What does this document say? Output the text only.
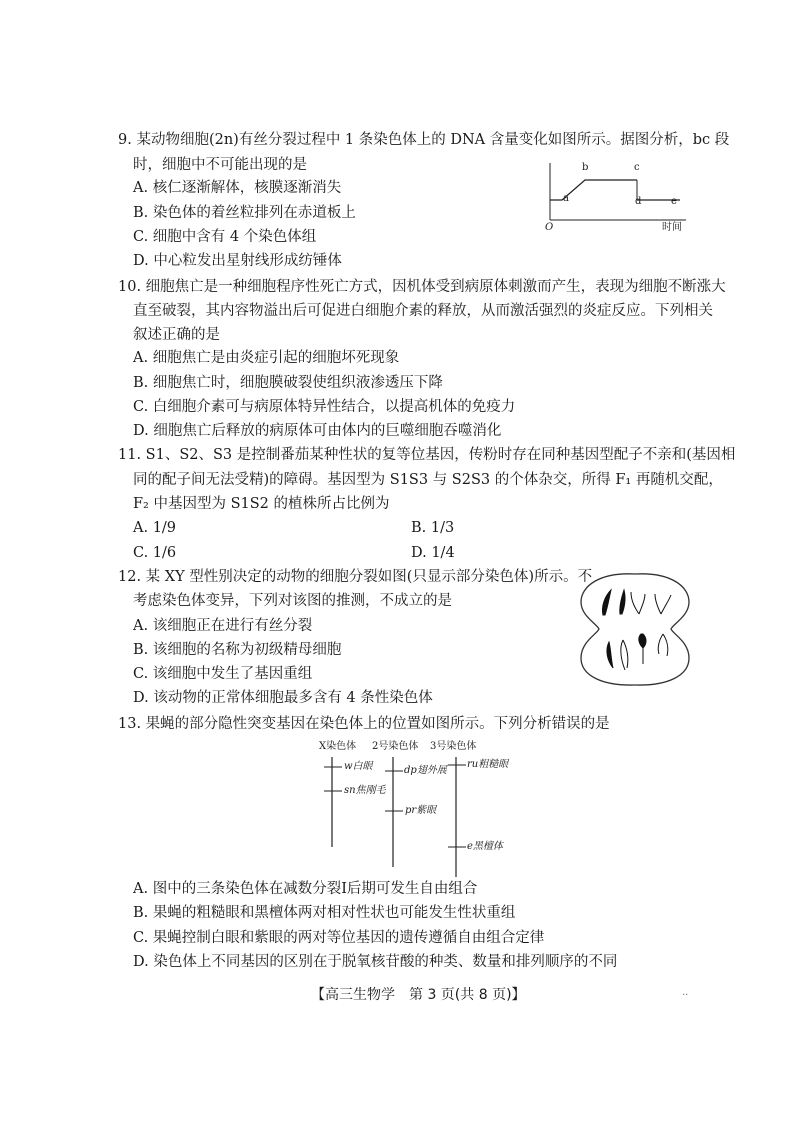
9. 某动物细胞(2n)有丝分裂过程中 1 条染色体上的 DNA 含量变化如图所示。据图分析，bc 段
时，细胞中不可能出现的是
A. 核仁逐渐解体，核膜逐渐消失
B. 染色体的着丝粒排列在赤道板上
C. 细胞中含有 4 个染色体组
D. 中心粒发出星射线形成纺锤体
a
b	c
d	e
O	时间
10. 细胞焦亡是一种细胞程序性死亡方式，因机体受到病原体刺激而产生，表现为细胞不断涨大
直至破裂，其内容物溢出后可促进白细胞介素的释放，从而激活强烈的炎症反应。下列相关
叙述正确的是
A. 细胞焦亡是由炎症引起的细胞坏死现象
B. 细胞焦亡时，细胞膜破裂使组织液渗透压下降
C. 白细胞介素可与病原体特异性结合，以提高机体的免疫力
D. 细胞焦亡后释放的病原体可由体内的巨噬细胞吞噬消化
11. S1、S2、S3 是控制番茄某种性状的复等位基因，传粉时存在同种基因型配子不亲和(基因相
同的配子间无法受精)的障碍。基因型为 S1S3 与 S2S3 的个体杂交，所得 F₁ 再随机交配，
F₂ 中基因型为 S1S2 的植株所占比例为
A. 1/9	B. 1/3
C. 1/6	D. 1/4
12. 某 XY 型性别决定的动物的细胞分裂如图(只显示部分染色体)所示。不
考虑染色体变异，下列对该图的推测，不成立的是
A. 该细胞正在进行有丝分裂
B. 该细胞的名称为初级精母细胞
C. 该细胞中发生了基因重组
D. 该动物的正常体细胞最多含有 4 条性染色体
13. 果蝇的部分隐性突变基因在染色体上的位置如图所示。下列分析错误的是
X染色体 2号染色体 3号染色体
w白眼
sn焦刚毛
dp翅外展
pr紫眼
ru粗糙眼
e黑檀体
A. 图中的三条染色体在减数分裂Ⅰ后期可发生自由组合
B. 果蝇的粗糙眼和黑檀体两对相对性状也可能发生性状重组
C. 果蝇控制白眼和紫眼的两对等位基因的遗传遵循自由组合定律
D. 染色体上不同基因的区别在于脱氧核苷酸的种类、数量和排列顺序的不同
【高三生物学　第 3 页(共 8 页)】	··
